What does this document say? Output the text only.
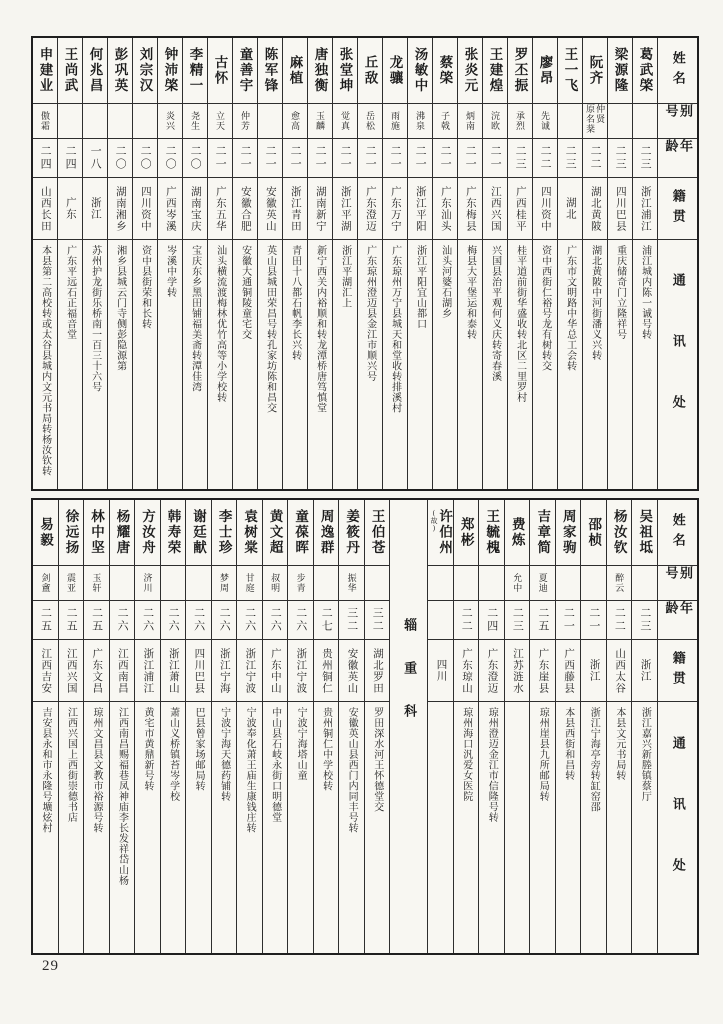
姓名
别号
年龄
籍贯
通讯处
葛武棨
二三
浙江浦江
浦江城内陈一诚号转
梁源隆
二三
四川巴县
重庆储奇门立隆祥号
阮齐
仲贤 原名棻
二二
湖北黄陂
湖北黄陂中河街潘义兴转
王一飞
二三
湖北
广东市文明路中华总工会转
廖昂
先诚
二二
四川资中
资中西街仁裕号龙有树转交
罗丕振
承烈
二三
广西桂平
桂平道前街华盛收转北区二里罗村
王建煌
浣欧
二一
江西兴国
兴国县治平观何义庆转寄春溪
张炎元
炳南
二一
广东梅县
梅县大平堡运和泰转
蔡棨
子戟
二一
广东汕头
汕头河婆石湖乡
汤敏中
沸泉
二一
浙江平阳
浙江平阳宜山都口
龙骧
雨施
二一
广东万宁
广东琼州万宁县城天和堂收转排溪村
丘敌
岳松
二一
广东澄迈
广东琼州澄迈县金江市顺兴号
张堂坤
觉真
二一
浙江平湖
浙江平湖汇上
唐独衡
玉麟
二一
湖南新宁
新宁西关内裕顺和转龙潭桥唐笃慎堂
麻植
愈高
二一
浙江青田
青田十八都石帆李长兴转
陈军锋
二一
安徽英山
英山县城田荣昌号转孔家坊陈和昌交
童善宇
仲芳
二一
安徽合肥
安徽大通铜陵童宅交
古怀
立天
二一
广东五华
汕头横流渡梅林优竹高等小学校转
李精一
尧生
二〇
湖南宝庆
宝庆东乡黑田铺福美斋转潭佳湾
钟沛棨
炎兴
二〇
广西岑溪
岑溪中学转
刘宗汉
二〇
四川资中
资中县街荣和长转
彭巩英
二〇
湖南湘乡
湘乡县城云门寺侧彭隐源第
何兆昌
一八
浙江
苏州护龙街乐桥南一百三十六号
王尚武
二四
广东
广东平远石正福音堂
申建业
傲霜
二四
山西长田
本县第二高校转或太谷县城内文元书局转杨汝钦转
姓名
别号
年龄
籍贯
通讯处
吴祖坻
二三
浙江
浙江嘉兴新塍镇蔡厅
杨汝钦
醉云
二二
山西太谷
本县文元书局转
邵桢
二一
浙江
浙江宁海亭旁转缸窑邵
周家驹
二一
广西藤县
本县西街和昌转
吉章简
夏迪
二五
广东崖县
琼州崖县九所邮局转
费炼
允中
二三
江苏涟水
王毓槐
二四
广东澄迈
琼州澄迈金江市信隆号转
郑彬
二二
广东琼山
琼州海口汎爱女医院
许伯州
(故)
四川
辎重科
王伯苍
三二
湖北罗田
罗田深水河王怀德堂交
姜筱丹
振华
三二
安徽英山
安徽英山县西门内同丰号转
周逸群
二七
贵州铜仁
贵州铜仁中学校转
童葆晖
步青
二六
浙江宁波
宁波宁海塔山童
黄文超
叔明
二六
广东中山
中山县石岐永街口明德堂
袁树棠
甘庭
二六
浙江宁波
宁波奉化萧王庙生康钱庄转
李士珍
梦周
二六
浙江宁海
宁波宁海天德药铺转
谢廷献
二六
四川巴县
巴县曾家场邮局转
韩寿荣
二六
浙江萧山
萧山义桥镇苔岑学校
方汝舟
济川
二六
浙江浦江
黄宅市黄鼎新号转
杨耀唐
二六
江西南昌
江西南昌赐福巷凤神庙李长发祥岱山杨
林中坚
玉轩
二五
广东文昌
琼州文昌县文教市裕源号转
徐远扬
震亚
二五
江西兴国
江西兴国上西街崇德书店
易毅
剑盦
二五
江西吉安
吉安县永和市永隆号壙炫村
29
